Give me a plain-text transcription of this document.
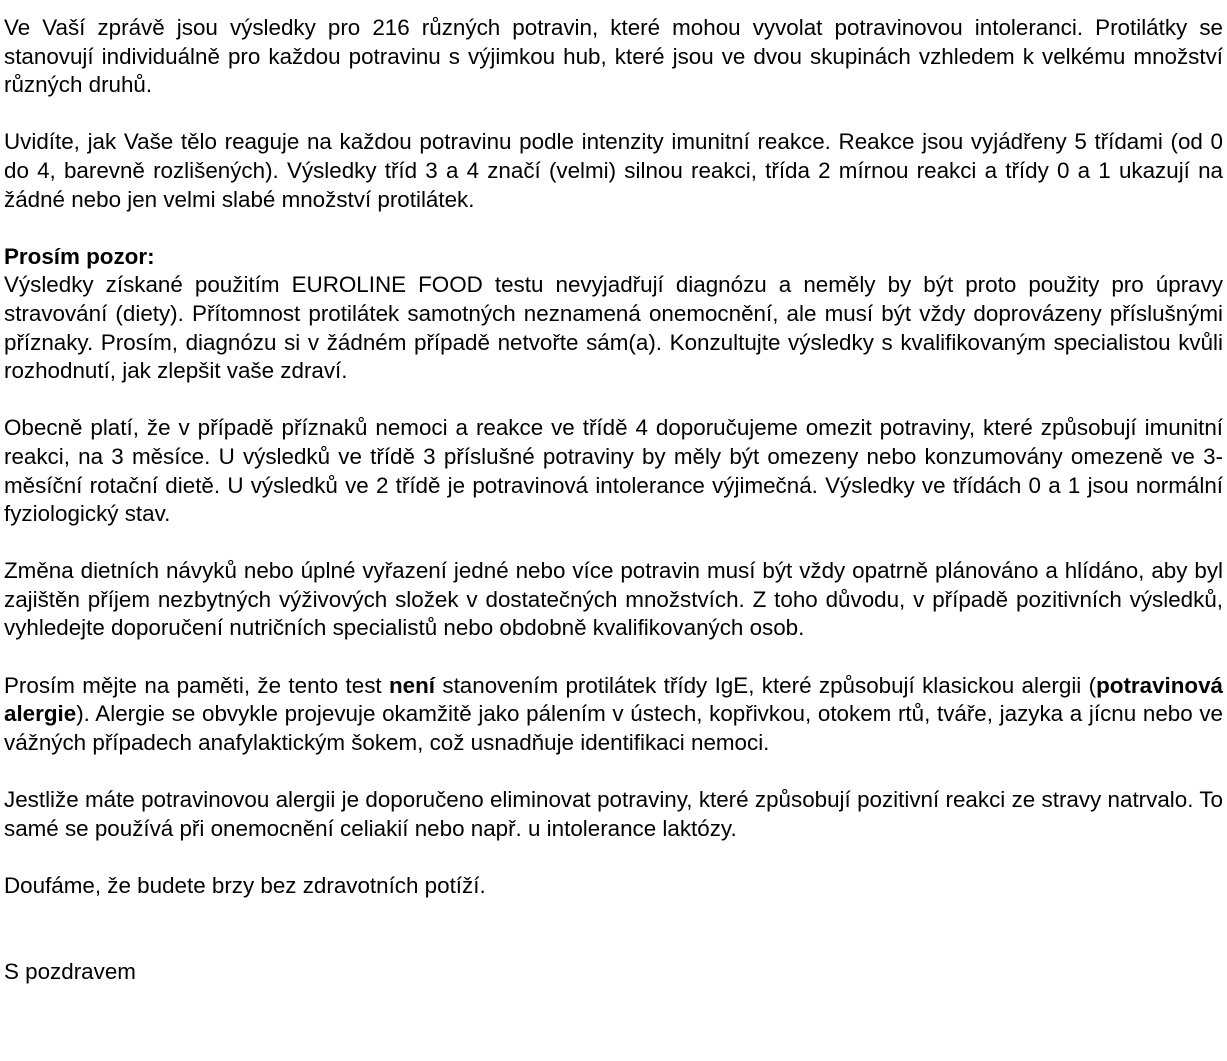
Ve Vaší zprávě jsou výsledky pro 216 různých potravin, které mohou vyvolat potravinovou intoleranci. Protilátky se stanovují individuálně pro každou potravinu s výjimkou hub, které jsou ve dvou skupinách vzhledem k velkému množství různých druhů.

Uvidíte, jak Vaše tělo reaguje na každou potravinu podle intenzity imunitní reakce. Reakce jsou vyjádřeny 5 třídami (od 0 do 4, barevně rozlišených). Výsledky tříd 3 a 4 značí (velmi) silnou reakci, třída 2 mírnou reakci a třídy 0 a 1 ukazují na žádné nebo jen velmi slabé množství protilátek.

Prosím pozor:
Výsledky získané použitím EUROLINE FOOD testu nevyjadřují diagnózu a neměly by být proto použity pro úpravy stravování (diety). Přítomnost protilátek samotných neznamená onemocnění, ale musí být vždy doprovázeny příslušnými příznaky. Prosím, diagnózu si v žádném případě netvořte sám(a). Konzultujte výsledky s kvalifikovaným specialistou kvůli rozhodnutí, jak zlepšit vaše zdraví.

Obecně platí, že v případě příznaků nemoci a reakce ve třídě 4 doporučujeme omezit potraviny, které způsobují imunitní reakci, na 3 měsíce. U výsledků ve třídě 3 příslušné potraviny by měly být omezeny nebo konzumovány omezeně ve 3-měsíční rotační dietě. U výsledků ve 2 třídě je potravinová intolerance výjimečná. Výsledky ve třídách 0 a 1 jsou normální fyziologický stav.

Změna dietních návyků nebo úplné vyřazení jedné nebo více potravin musí být vždy opatrně plánováno a hlídáno, aby byl zajištěn příjem nezbytných výživových složek v dostatečných množstvích. Z toho důvodu, v případě pozitivních výsledků, vyhledejte doporučení nutričních specialistů nebo obdobně kvalifikovaných osob.

Prosím mějte na paměti, že tento test není stanovením protilátek třídy IgE, které způsobují klasickou alergii (potravinová alergie). Alergie se obvykle projevuje okamžitě jako pálením v ústech, kopřivkou, otokem rtů, tváře, jazyka a jícnu nebo ve vážných případech anafylaktickým šokem, což usnadňuje identifikaci nemoci.

Jestliže máte potravinovou alergii je doporučeno eliminovat potraviny, které způsobují pozitivní reakci ze stravy natrvalo. To samé se používá při onemocnění celiakií nebo např. u intolerance laktózy.

Doufáme, že budete brzy bez zdravotních potíží.

S pozdravem
